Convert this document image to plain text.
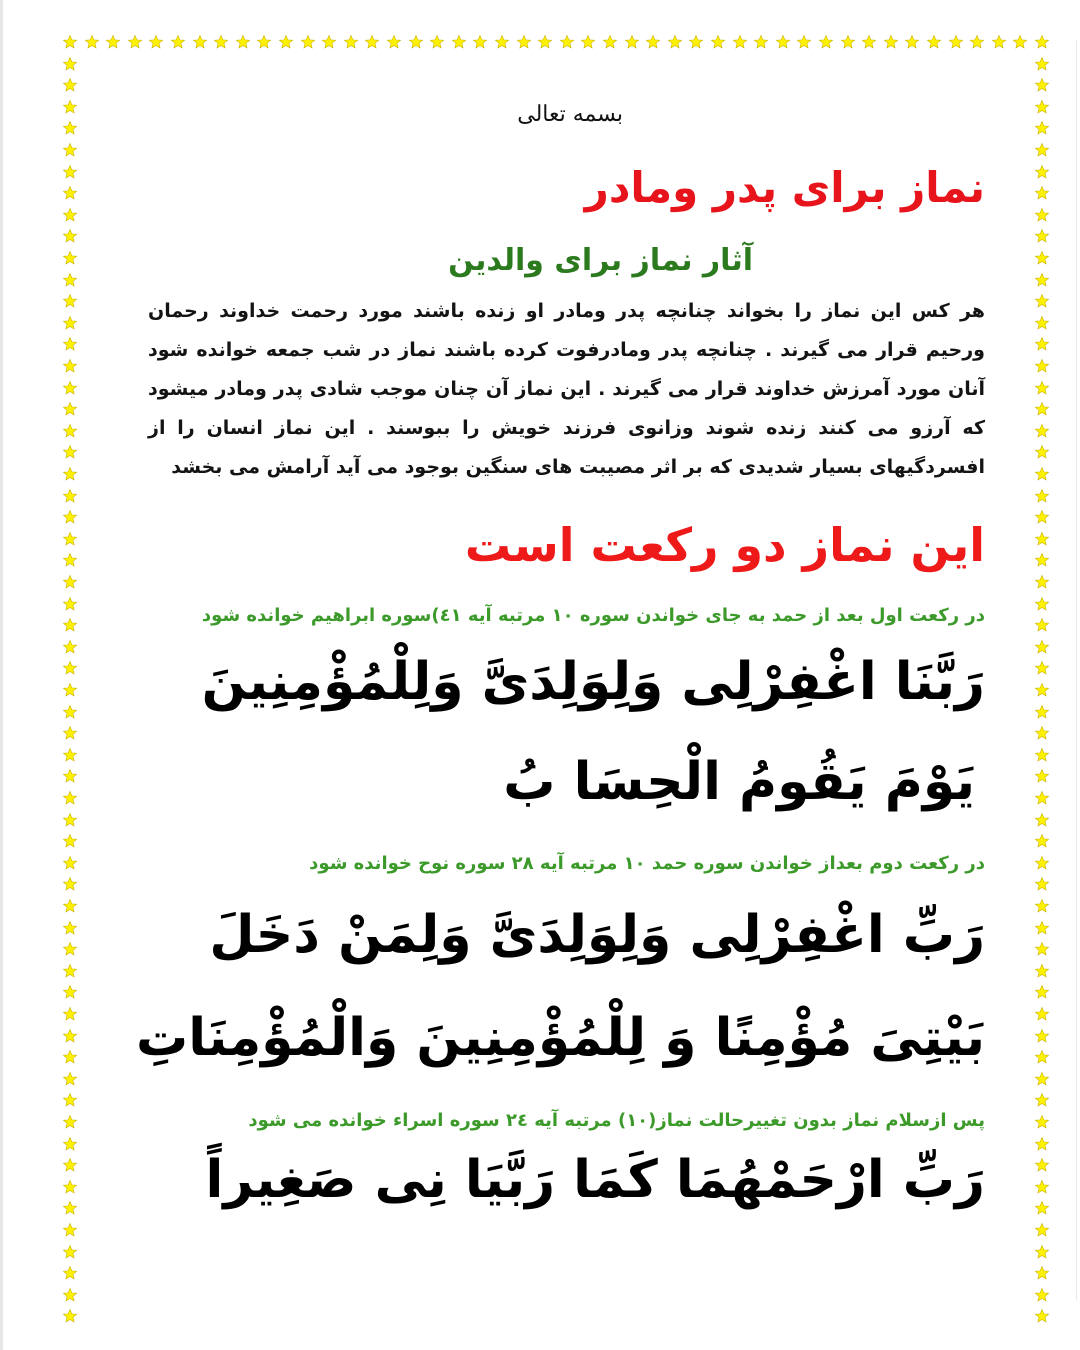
بسمه تعالی
نماز برای پدر ومادر
آثار نماز برای والدین
هر کس این نماز را بخواند چنانچه پدر ومادر او زنده باشند مورد رحمت خداوند رحمان
ورحیم قرار می گیرند . چنانچه پدر ومادرفوت کرده باشند نماز در شب جمعه خوانده شود
آنان مورد آمرزش خداوند قرار می گیرند . این نماز آن چنان موجب شادی پدر ومادر میشود
که آرزو می کنند زنده شوند وزانوی فرزند خویش را ببوسند . این نماز انسان را از
افسردگیهای بسیار شدیدی که بر اثر مصیبت های سنگین بوجود می آید آرامش می بخشد
این نماز دو رکعت است
در رکعت اول بعد از حمد به جای خواندن سوره ۱۰ مرتبه آیه ٤١)سوره ابراهیم خوانده شود
رَبَّنَا اغْفِرْلِی وَلِوَلِدَیَّ وَلِلْمُؤْمِنِینَ
یَوْمَ یَقُومُ الْحِسَا بُ
در رکعت دوم بعداز خواندن سوره حمد ۱۰ مرتبه آیه ۲۸ سوره نوح خوانده شود
رَبِّ اغْفِرْلِی وَلِوَلِدَیَّ وَلِمَنْ دَخَلَ
بَیْتِیَ مُؤْمِنًا وَ لِلْمُؤْمِنِینَ وَالْمُؤْمِنَاتِ
پس ازسلام نماز بدون تغییرحالت نماز(۱۰) مرتبه آیه ٢٤ سوره اسراء خوانده می شود
رَبِّ ارْحَمْهُمَا کَمَا رَبَّیَا نِی صَغِیراً
